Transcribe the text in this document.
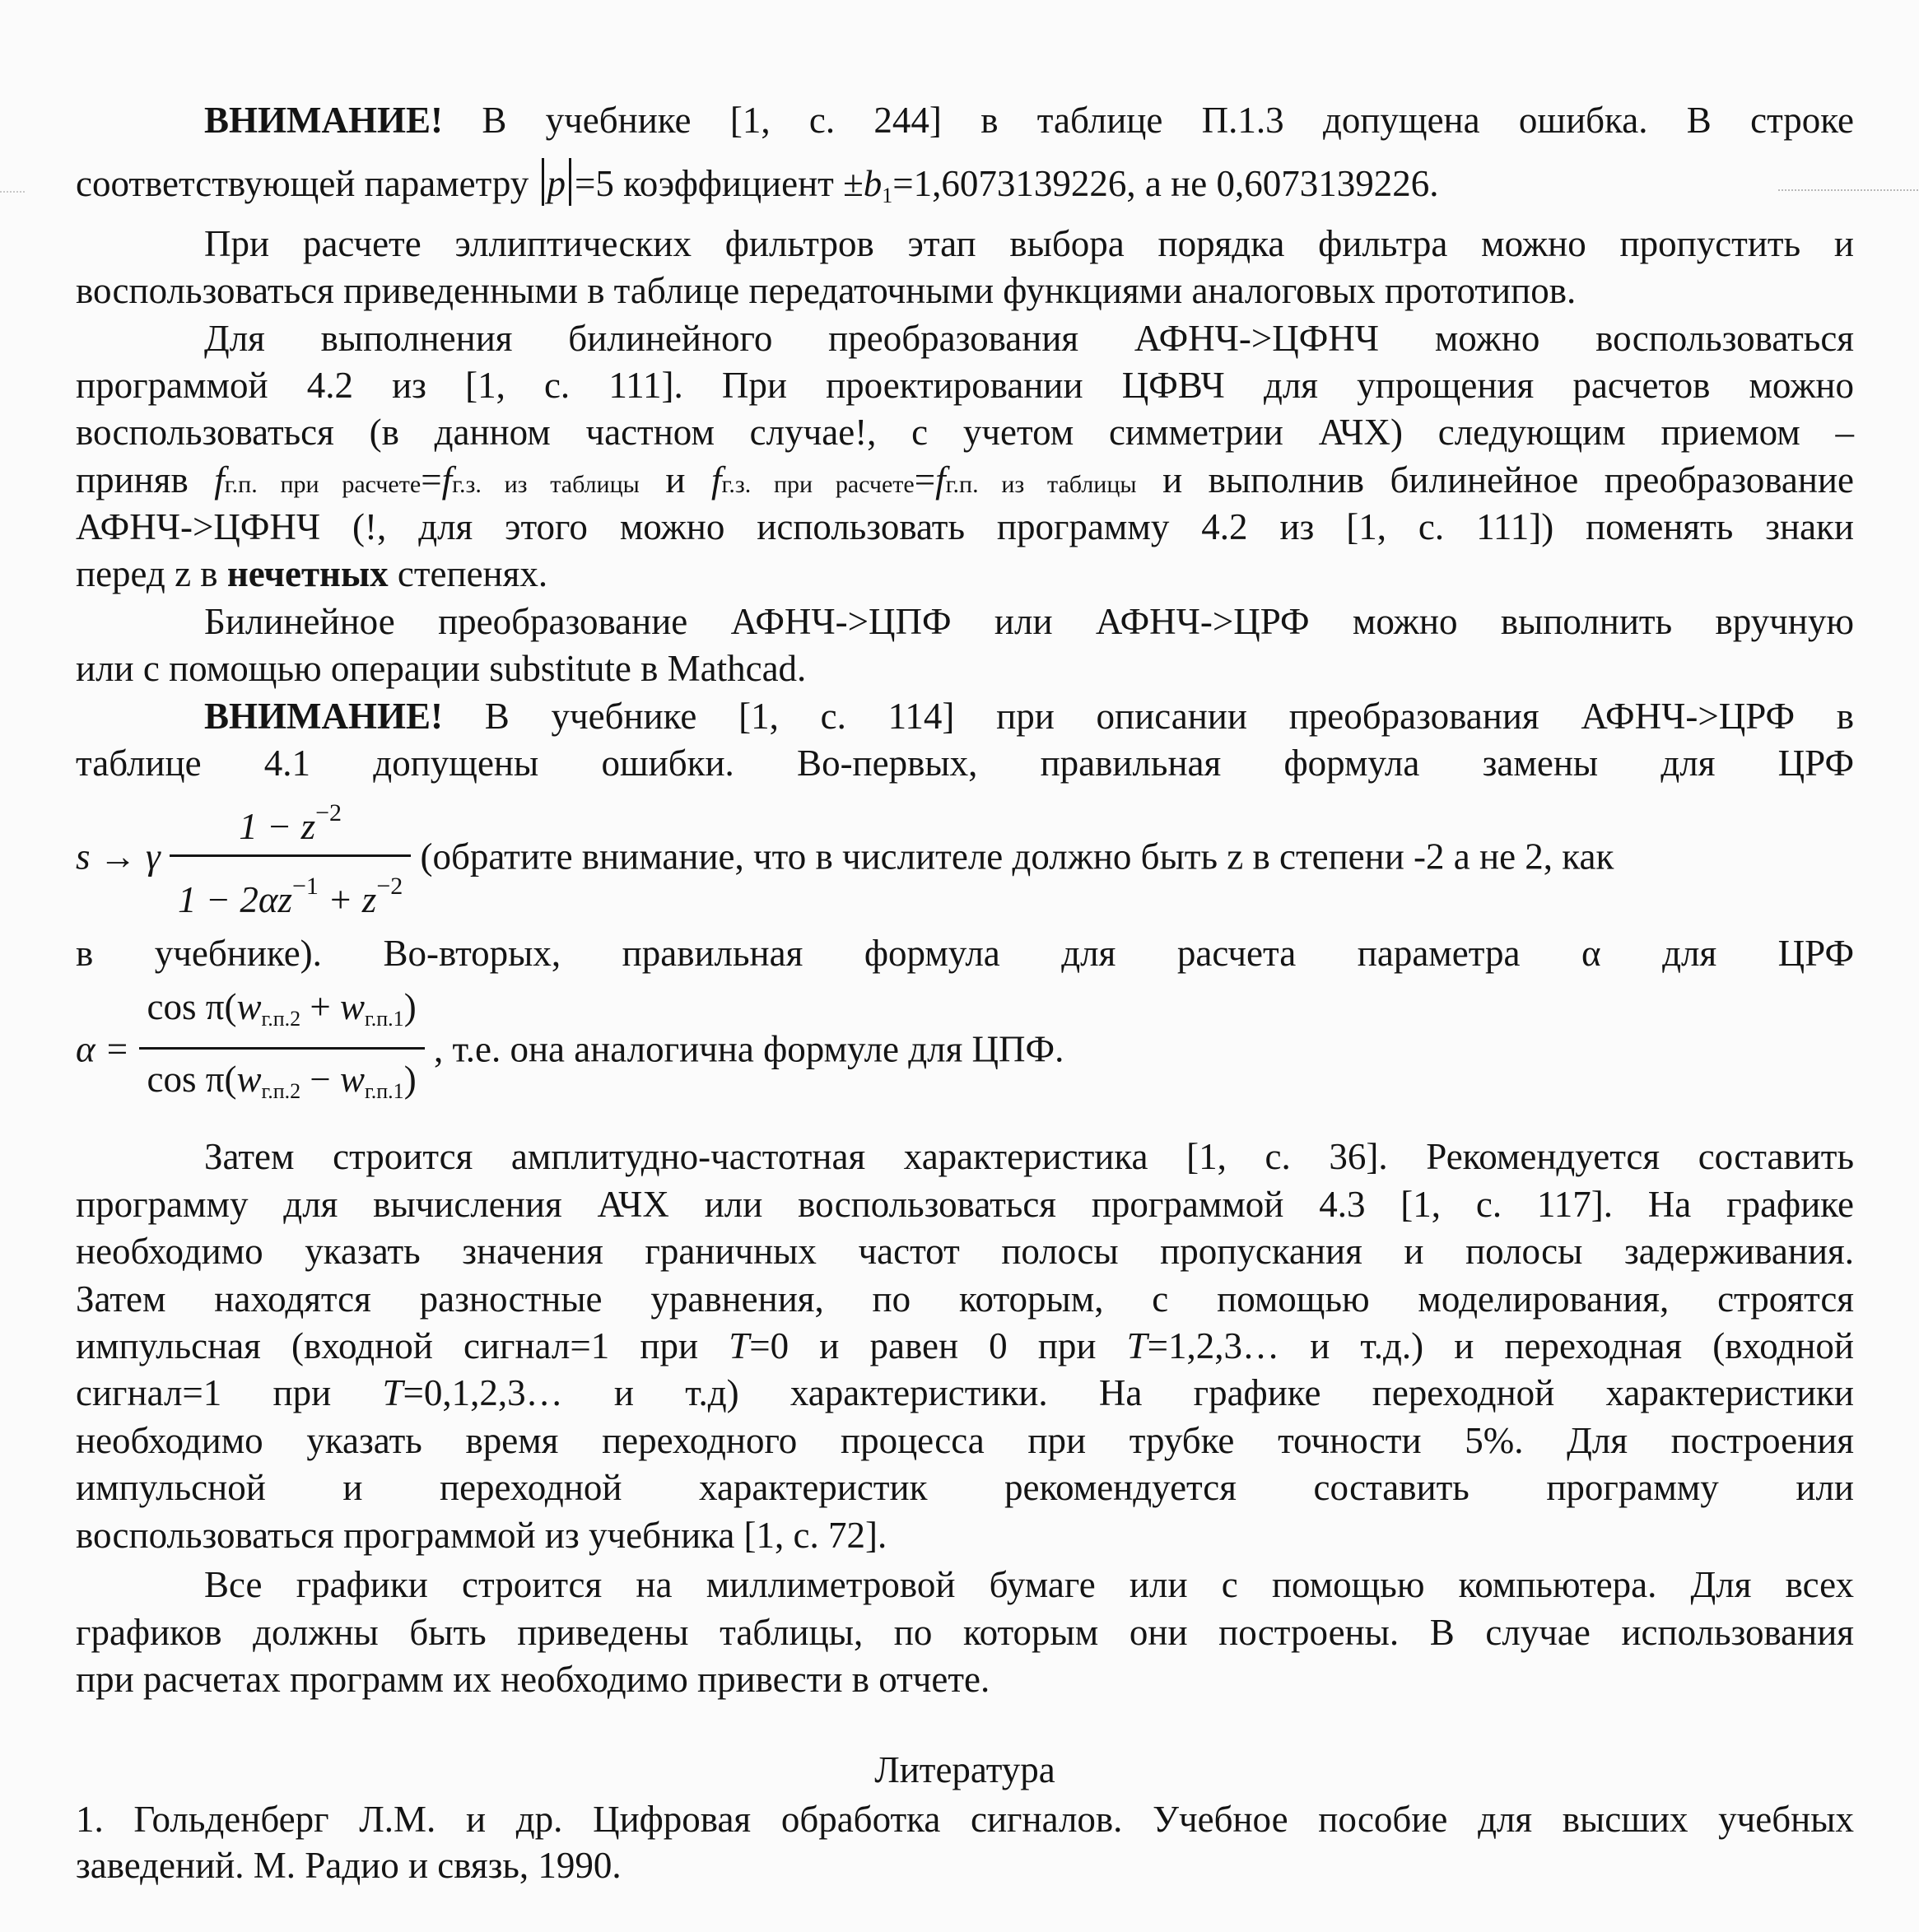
ВНИМАНИЕ! В учебнике [1, с. 244] в таблице П.1.3 допущена ошибка. В строке
соответствующей параметру p =5 коэффициент $\pm b_1=1,6073139226$, а не 0,6073139226.
При расчете эллиптических фильтров этап выбора порядка фильтра можно пропустить и
воспользоваться приведенными в таблице передаточными функциями аналоговых прототипов.
Для выполнения билинейного преобразования АФНЧ->ЦФНЧ можно воспользоваться
программой 4.2 из [1, с. 111]. При проектировании ЦФВЧ для упрощения расчетов можно
воспользоваться (в данном частном случае!, с учетом симметрии АЧХ) следующим приемом –
приняв fг.п. при расчете=fг.з. из таблицы и fг.з. при расчете=fг.п. из таблицы и выполнив билинейное преобразование
АФНЧ->ЦФНЧ (!, для этого можно использовать программу 4.2 из [1, с. 111]) поменять знаки
перед z в нечетных степенях.
Билинейное преобразование АФНЧ->ЦПФ или АФНЧ->ЦРФ можно выполнить вручную
или с помощью операции substitute в Mathcad.
ВНИМАНИЕ! В учебнике [1, с. 114] при описании преобразования АФНЧ->ЦРФ в
таблице 4.1 допущены ошибки. Во-первых, правильная формула замены для ЦРФ
s → γ $\frac{1 - z^{-2}}{1 - 2\alpha z^{-1} + z^{-2}}$ (обратите внимание, что в числителе должно быть z в степени -2 а не 2, как
в учебнике). Во-вторых, правильная формула для расчета параметра α для ЦРФ
$\alpha = \frac{\cos \pi(w_{г.п.2} + w_{г.п.1})}{\cos \pi(w_{г.п.2} - w_{г.п.1})}$ , т.е. она аналогична формуле для ЦПФ.
Затем строится амплитудно-частотная характеристика [1, с. 36]. Рекомендуется составить
программу для вычисления АЧХ или воспользоваться программой 4.3 [1, с. 117]. На графике
необходимо указать значения граничных частот полосы пропускания и полосы задерживания.
Затем находятся разностные уравнения, по которым, с помощью моделирования, строятся
импульсная (входной сигнал=1 при T=0 и равен 0 при T=1,2,3… и т.д.) и переходная (входной
сигнал=1 при T=0,1,2,3… и т.д) характеристики. На графике переходной характеристики
необходимо указать время переходного процесса при трубке точности 5%. Для построения
импульсной и переходной характеристик рекомендуется составить программу или
воспользоваться программой из учебника [1, с. 72].
Все графики строится на миллиметровой бумаге или с помощью компьютера. Для всех
графиков должны быть приведены таблицы, по которым они построены. В случае использования
при расчетах программ их необходимо привести в отчете.
Литература
1. Гольденберг Л.М. и др. Цифровая обработка сигналов. Учебное пособие для высших учебных
заведений. М. Радио и связь, 1990.
